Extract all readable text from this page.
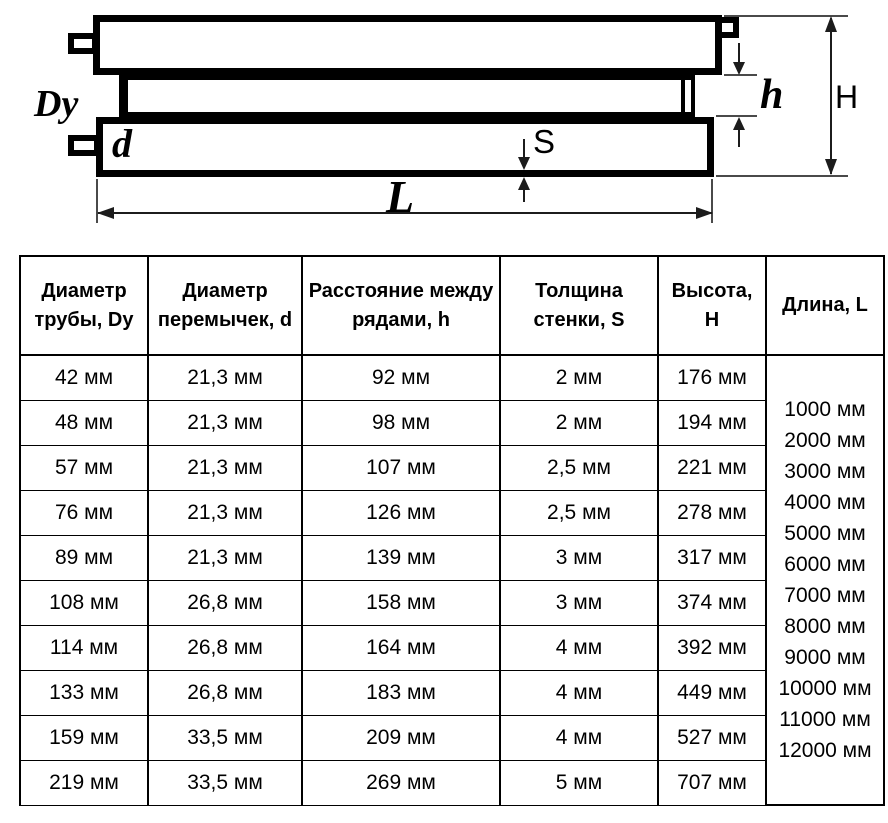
h H
S
L
Dy
d
Диаметр трубы, Dy	Диаметр перемычек, d	Расстояние между рядами, h	Толщина стенки, S	Высота, H	Длина, L
42 мм	21,3 мм	92 мм	2 мм	176 мм	
1000 мм
2000 мм
3000 мм
4000 мм
5000 мм
6000 мм
7000 мм
8000 мм
9000 мм
10000 мм
11000 мм
12000 мм

48 мм	21,3 мм	98 мм	2 мм	194 мм	
57 мм	21,3 мм	107 мм	2,5 мм	221 мм	
76 мм	21,3 мм	126 мм	2,5 мм	278 мм	
89 мм	21,3 мм	139 мм	3 мм	317 мм	
108 мм	26,8 мм	158 мм	3 мм	374 мм	
114 мм	26,8 мм	164 мм	4 мм	392 мм	
133 мм	26,8 мм	183 мм	4 мм	449 мм	
159 мм	33,5 мм	209 мм	4 мм	527 мм	
219 мм	33,5 мм	269 мм	5 мм	707 мм	
